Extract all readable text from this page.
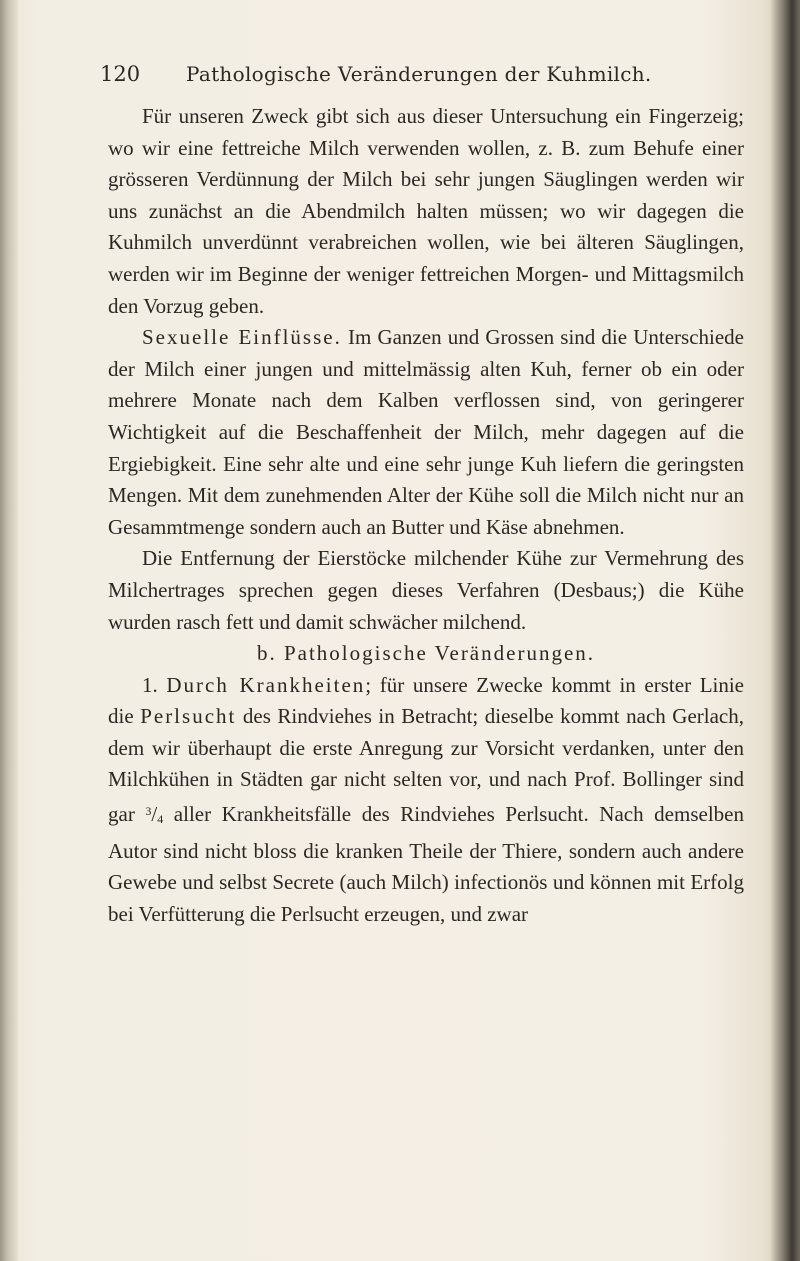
120 Pathologische Veränderungen der Kuhmilch.

Für unseren Zweck gibt sich aus dieser Untersuchung ein Fingerzeig; wo wir eine fettreiche Milch verwenden wollen, z. B. zum Behufe einer grösseren Verdünnung der Milch bei sehr jungen Säuglingen werden wir uns zunächst an die Abendmilch halten müssen; wo wir dagegen die Kuhmilch unverdünnt verabreichen wollen, wie bei älteren Säuglingen, werden wir im Beginne der weniger fettreichen Morgen- und Mittagsmilch den Vorzug geben.

Sexuelle Einflüsse. Im Ganzen und Grossen sind die Unterschiede der Milch einer jungen und mittelmässig alten Kuh, ferner ob ein oder mehrere Monate nach dem Kalben verflossen sind, von geringerer Wichtigkeit auf die Beschaffenheit der Milch, mehr dagegen auf die Ergiebigkeit. Eine sehr alte und eine sehr junge Kuh liefern die geringsten Mengen. Mit dem zunehmenden Alter der Kühe soll die Milch nicht nur an Gesammtmenge sondern auch an Butter und Käse abnehmen.

Die Entfernung der Eierstöcke milchender Kühe zur Vermehrung des Milchertrages sprechen gegen dieses Verfahren (Desbaus;) die Kühe wurden rasch fett und damit schwächer milchend.

b. Pathologische Veränderungen.

1. Durch Krankheiten; für unsere Zwecke kommt in erster Linie die Perlsucht des Rindviehes in Betracht; dieselbe kommt nach Gerlach, dem wir überhaupt die erste Anregung zur Vorsicht verdanken, unter den Milchkühen in Städten gar nicht selten vor, und nach Prof. Bollinger sind gar $^3/_4$ aller Krankheitsfälle des Rindviehes Perlsucht. Nach demselben Autor sind nicht bloss die kranken Theile der Thiere, sondern auch andere Gewebe und selbst Secrete (auch Milch) infectionös und können mit Erfolg bei Verfütterung die Perlsucht erzeugen, und zwar
